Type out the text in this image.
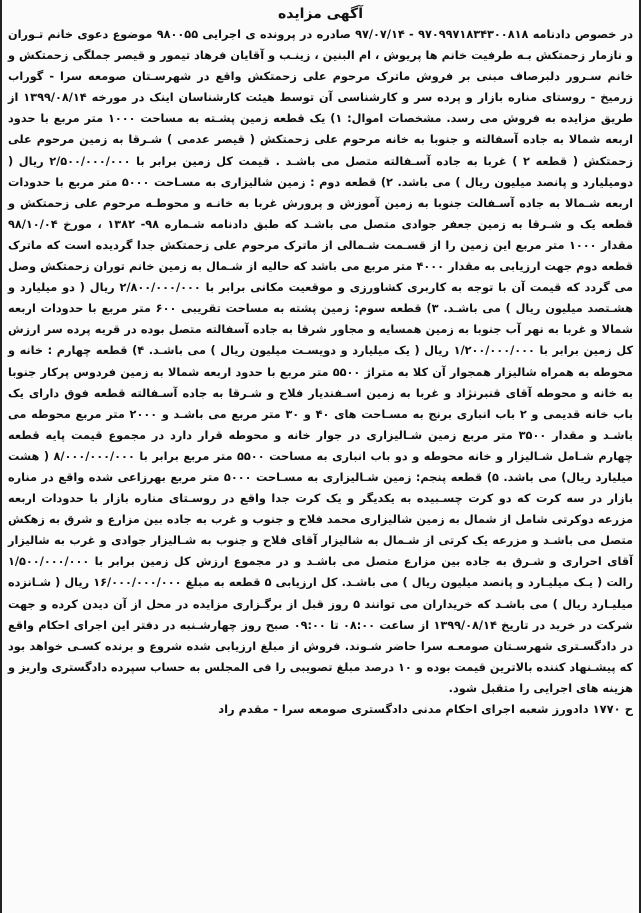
آگهی مزایده
در خصوص دادنامه ۹۷۰۹۹۷۱۸۳۴۳۰۰۸۱۸ - ۹۷/۰۷/۱۴ صادره در پرونده ی اجرایی ۹۸۰۰۵۵ موضوع دعوی خانم تـوران و نازمار زحمتکش بـه طرفیت خانم ها پریوش ، ام البنین ، زینـب و آقایان فرهاد تیمور و قیصر جملگی زحمتکش و خانم سـرور دلبرصاف مبنی بر فروش ماترک مرحوم علی زحمتکش واقع در شهرسـتان صومعه سرا - گوراب زرمیخ - روستای مناره بازار و پرده سر و کارشناسی آن توسط هیئت کارشناسان اینک در مورخه ۱۳۹۹/۰۸/۱۴ از طریق مزایده به فروش می رسد. مشخصات اموال: ۱) یک قطعه زمین پشـته به مساحت ۱۰۰۰ متر مربع با حدود اربعه شمالا به جاده آسفالته و جنوبا به خانه مرحوم علی زحمتکش ( قیصر عدمی ) شـرقا به زمین مرحوم علی زحمتکش ( قطعه ۲ ) غربا به جاده آسـفالته متصل می باشـد . قیمت کل زمین برابر با ۲/۵۰۰/۰۰۰/۰۰۰ ریال ( دومیلیارد و پانصد میلیون ریال ) می باشد. ۲) قطعه دوم : زمین شالیزاری به مسـاحت ۵۰۰۰ متر مربع با حدودات اربعه شـمالا به جاده آسـفالت جنوبا به زمین آموزش و پرورش غربا به خانـه و محوطـه مرحوم علی زحمتکش و قطعه یک و شـرقا به زمین جعفر جوادی متصل می باشـد که طبق دادنامه شـماره ۹۸- ۱۳۸۲ ، مورخ ۹۸/۱۰/۰۴ مقدار ۱۰۰۰ متر مربع این زمین را از قسـمت شـمالی از ماترک مرحوم علی زحمتکش جدا گردیده است که ماترک قطعه دوم جهت ارزیابی به مقدار ۴۰۰۰ متر مربع می باشد که حالیه از شـمال به زمین خانم توران زحمتکش وصل می گردد که قیمت آن با توجه به کاربری کشاورزی و موقعیت مکانی برابر با ۲/۸۰۰/۰۰۰/۰۰۰ ریال ( دو میلیارد و هشـتصد میلیون ریال ) می باشـد. ۳) قطعه سوم: زمین پشته به مساحت تقریبی ۶۰۰ متر مربع با حدودات اربعه شمالا و غربا به نهر آب جنوبا به زمین همسایه و مجاور شرقا به جاده آسفالته متصل بوده در قریه پرده سر ارزش کل زمین برابر با ۱/۲۰۰/۰۰۰/۰۰۰ ریال ( یک میلیارد و دویسـت میلیون ریال ) می باشـد. ۴) قطعه چهارم : خانه و محوطه به همراه شالیزار همجوار آن کلا به متراژ ۵۵۰۰ متر مربع با حدود اربعه شمالا به زمین فردوس پرکار جنوبا به خانه و محوطه آقای قنبرنژاد و غربا به زمین اسـفندیار فلاح و شـرقا به جاده آسـفالته قطعه فوق دارای یک باب خانه قدیمی و ۲ باب انباری برنج به مسـاحت های ۴۰ و ۳۰ متر مربع می باشـد و ۲۰۰۰ متر مربع محوطه می باشـد و مقدار ۳۵۰۰ متر مربع زمین شـالیزاری در جوار خانه و محوطه قرار دارد در مجموع قیمت پایه قطعه چهارم شـامل شـالیزار و خانه محوطه و دو باب انباری به مساحت ۵۵۰۰ متر مربع برابر با ۸/۰۰۰/۰۰۰/۰۰۰ ( هشت میلیارد ریال) می باشد. ۵) قطعه پنجم: زمین شـالیزاری به مسـاحت ۵۰۰۰ متر مربع بهرزاعی شده واقع در مناره بازار در سه کرت که دو کرت چسـبیده به یکدیگر و یک کرت جدا واقع در روسـتای مناره بازار با حدودات اربعه مزرعه دوکرتی شامل از شمال به زمین شالیزاری محمد فلاح و جنوب و غرب به جاده بین مزارع و شرق به زهکش متصل می باشـد و مزرعه یک کرتی از شـمال به شالیزار آقای فلاح و جنوب به شـالیزار جوادی و غرب به شالیزار آقای احراری و شـرق به جاده بین مزارع متصل می باشـد و در مجموع ارزش کل زمین برابر با ۱/۵۰۰/۰۰۰/۰۰۰ رالت ( یـک میلیـارد و پانصد میلیون ریال ) می باشـد. کل ارزیابی ۵ قطعه به مبلغ ۱۶/۰۰۰/۰۰۰/۰۰۰ ریال ( شـانزده میلیـارد ریال ) می باشـد که خریداران می توانند ۵ روز قبل از برگـزاری مزایده در محل از آن دیدن کرده و جهت شرکت در خرید در تاریخ ۱۳۹۹/۰۸/۱۴ از ساعت ۰۸:۰۰ تا ۰۹:۰۰ صبح روز چهارشـنبه در دفتر این اجرای احکام واقع در دادگسـتری شهرسـتان صومعـه سرا حاضر شـوند. فروش از مبلغ ارزیابی شده شروع و برنده کسـی خواهد بود که پیشـنهاد کننده بالاترین قیمت بوده و ۱۰ درصد مبلغ تصویبی را فی المجلس به حساب سپرده دادگستری واریز و هزینه های اجرایی را متقبل شود.
ح ۱۷۷۰ دادورز شعبه اجرای احکام مدنی دادگستری صومعه سرا - مقدم راد
